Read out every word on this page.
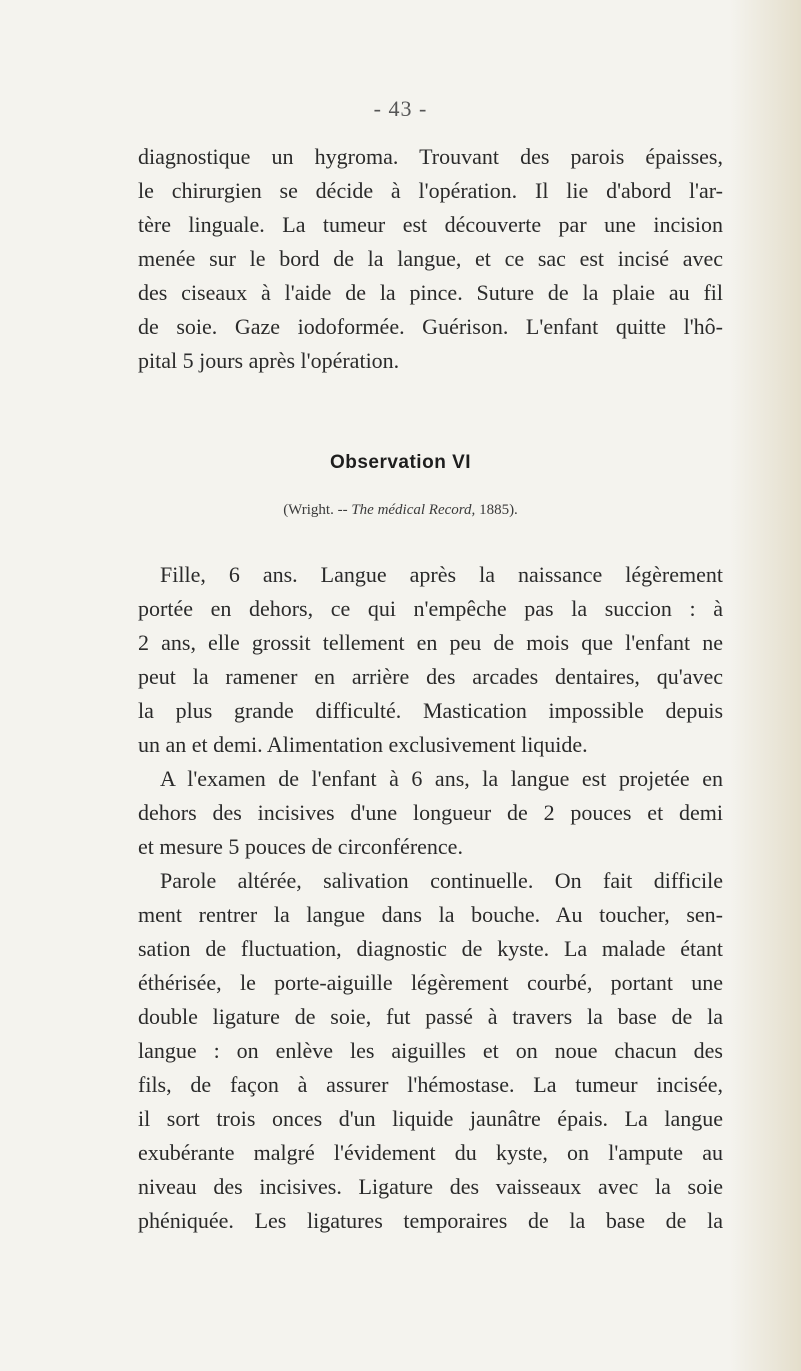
- 43 -
diagnostique un hygroma. Trouvant des parois épaisses,
le chirurgien se décide à l'opération. Il lie d'abord l'ar-
tère linguale. La tumeur est découverte par une incision
menée sur le bord de la langue, et ce sac est incisé avec
des ciseaux à l'aide de la pince. Suture de la plaie au fil
de soie. Gaze iodoformée. Guérison. L'enfant quitte l'hô-
pital 5 jours après l'opération.
Observation VI
(Wright. -- The médical Record, 1885).
Fille, 6 ans. Langue après la naissance légèrement
portée en dehors, ce qui n'empêche pas la succion : à
2 ans, elle grossit tellement en peu de mois que l'enfant ne
peut la ramener en arrière des arcades dentaires, qu'avec
la plus grande difficulté. Mastication impossible depuis
un an et demi. Alimentation exclusivement liquide.
A l'examen de l'enfant à 6 ans, la langue est projetée en
dehors des incisives d'une longueur de 2 pouces et demi
et mesure 5 pouces de circonférence.
Parole altérée, salivation continuelle. On fait difficile
ment rentrer la langue dans la bouche. Au toucher, sen-
sation de fluctuation, diagnostic de kyste. La malade étant
éthérisée, le porte-aiguille légèrement courbé, portant une
double ligature de soie, fut passé à travers la base de la
langue : on enlève les aiguilles et on noue chacun des
fils, de façon à assurer l'hémostase. La tumeur incisée,
il sort trois onces d'un liquide jaunâtre épais. La langue
exubérante malgré l'évidement du kyste, on l'ampute au
niveau des incisives. Ligature des vaisseaux avec la soie
phéniquée. Les ligatures temporaires de la base de la
